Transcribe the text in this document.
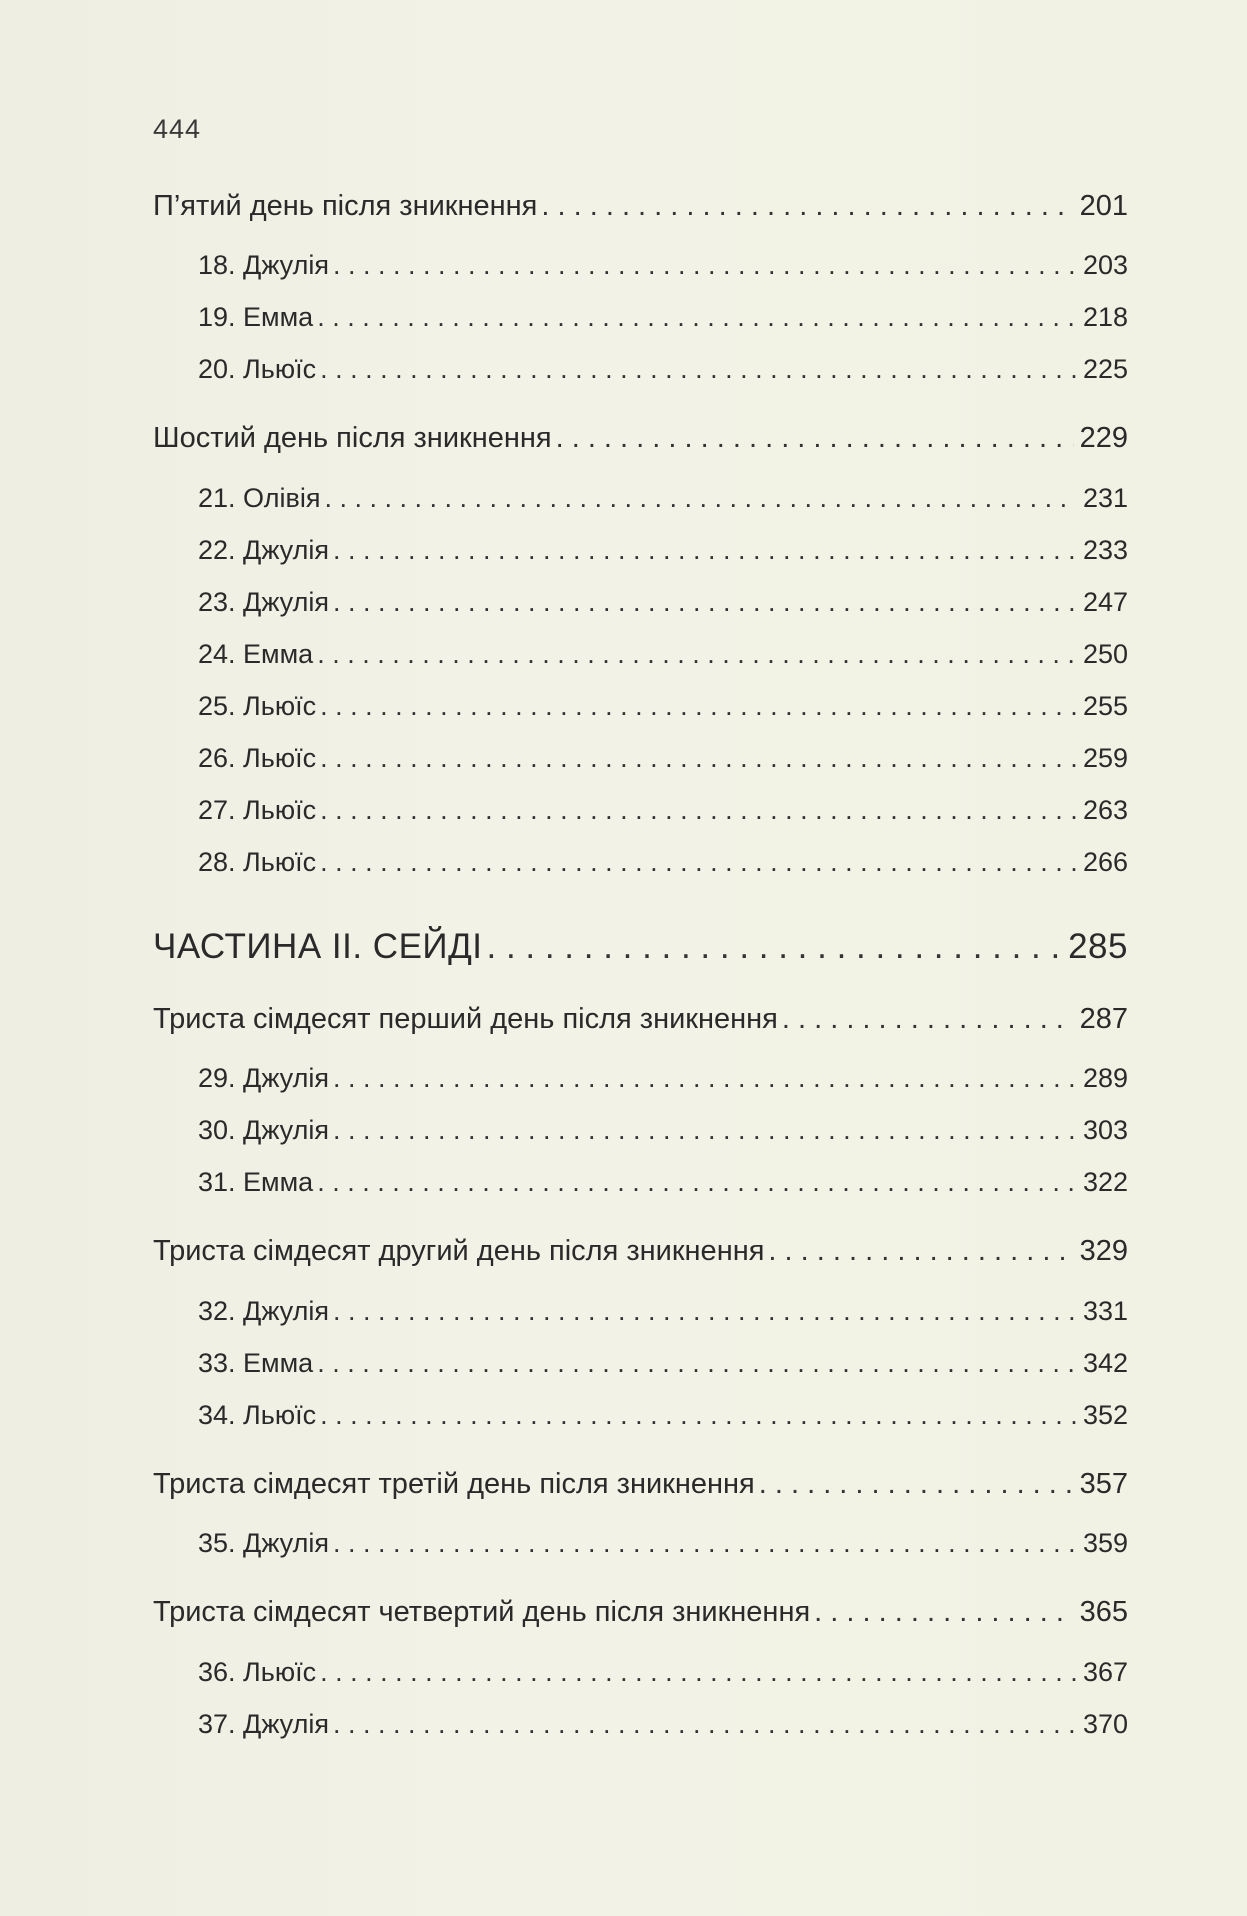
444
П’ятий день після зникнення . . .	201
18. Джулія . . .	203
19. Емма . . .	218
20. Льюїс . . .	225
Шостий день після зникнення . . .	229
21. Олівія . . .	231
22. Джулія . . .	233
23. Джулія . . .	247
24. Емма . . .	250
25. Льюїс . . .	255
26. Льюїс . . .	259
27. Льюїс . . .	263
28. Льюїс . . .	266
ЧАСТИНА ІІ. СЕЙДІ . . .	285
Триста сімдесят перший день після зникнення . . .	287
29. Джулія . . .	289
30. Джулія . . .	303
31. Емма . . .	322
Триста сімдесят другий день після зникнення . . .	329
32. Джулія . . .	331
33. Емма . . .	342
34. Льюїс . . .	352
Триста сімдесят третій день після зникнення . . .	357
35. Джулія . . .	359
Триста сімдесят четвертий день після зникнення . . .	365
36. Льюїс . . .	367
37. Джулія . . .	370
